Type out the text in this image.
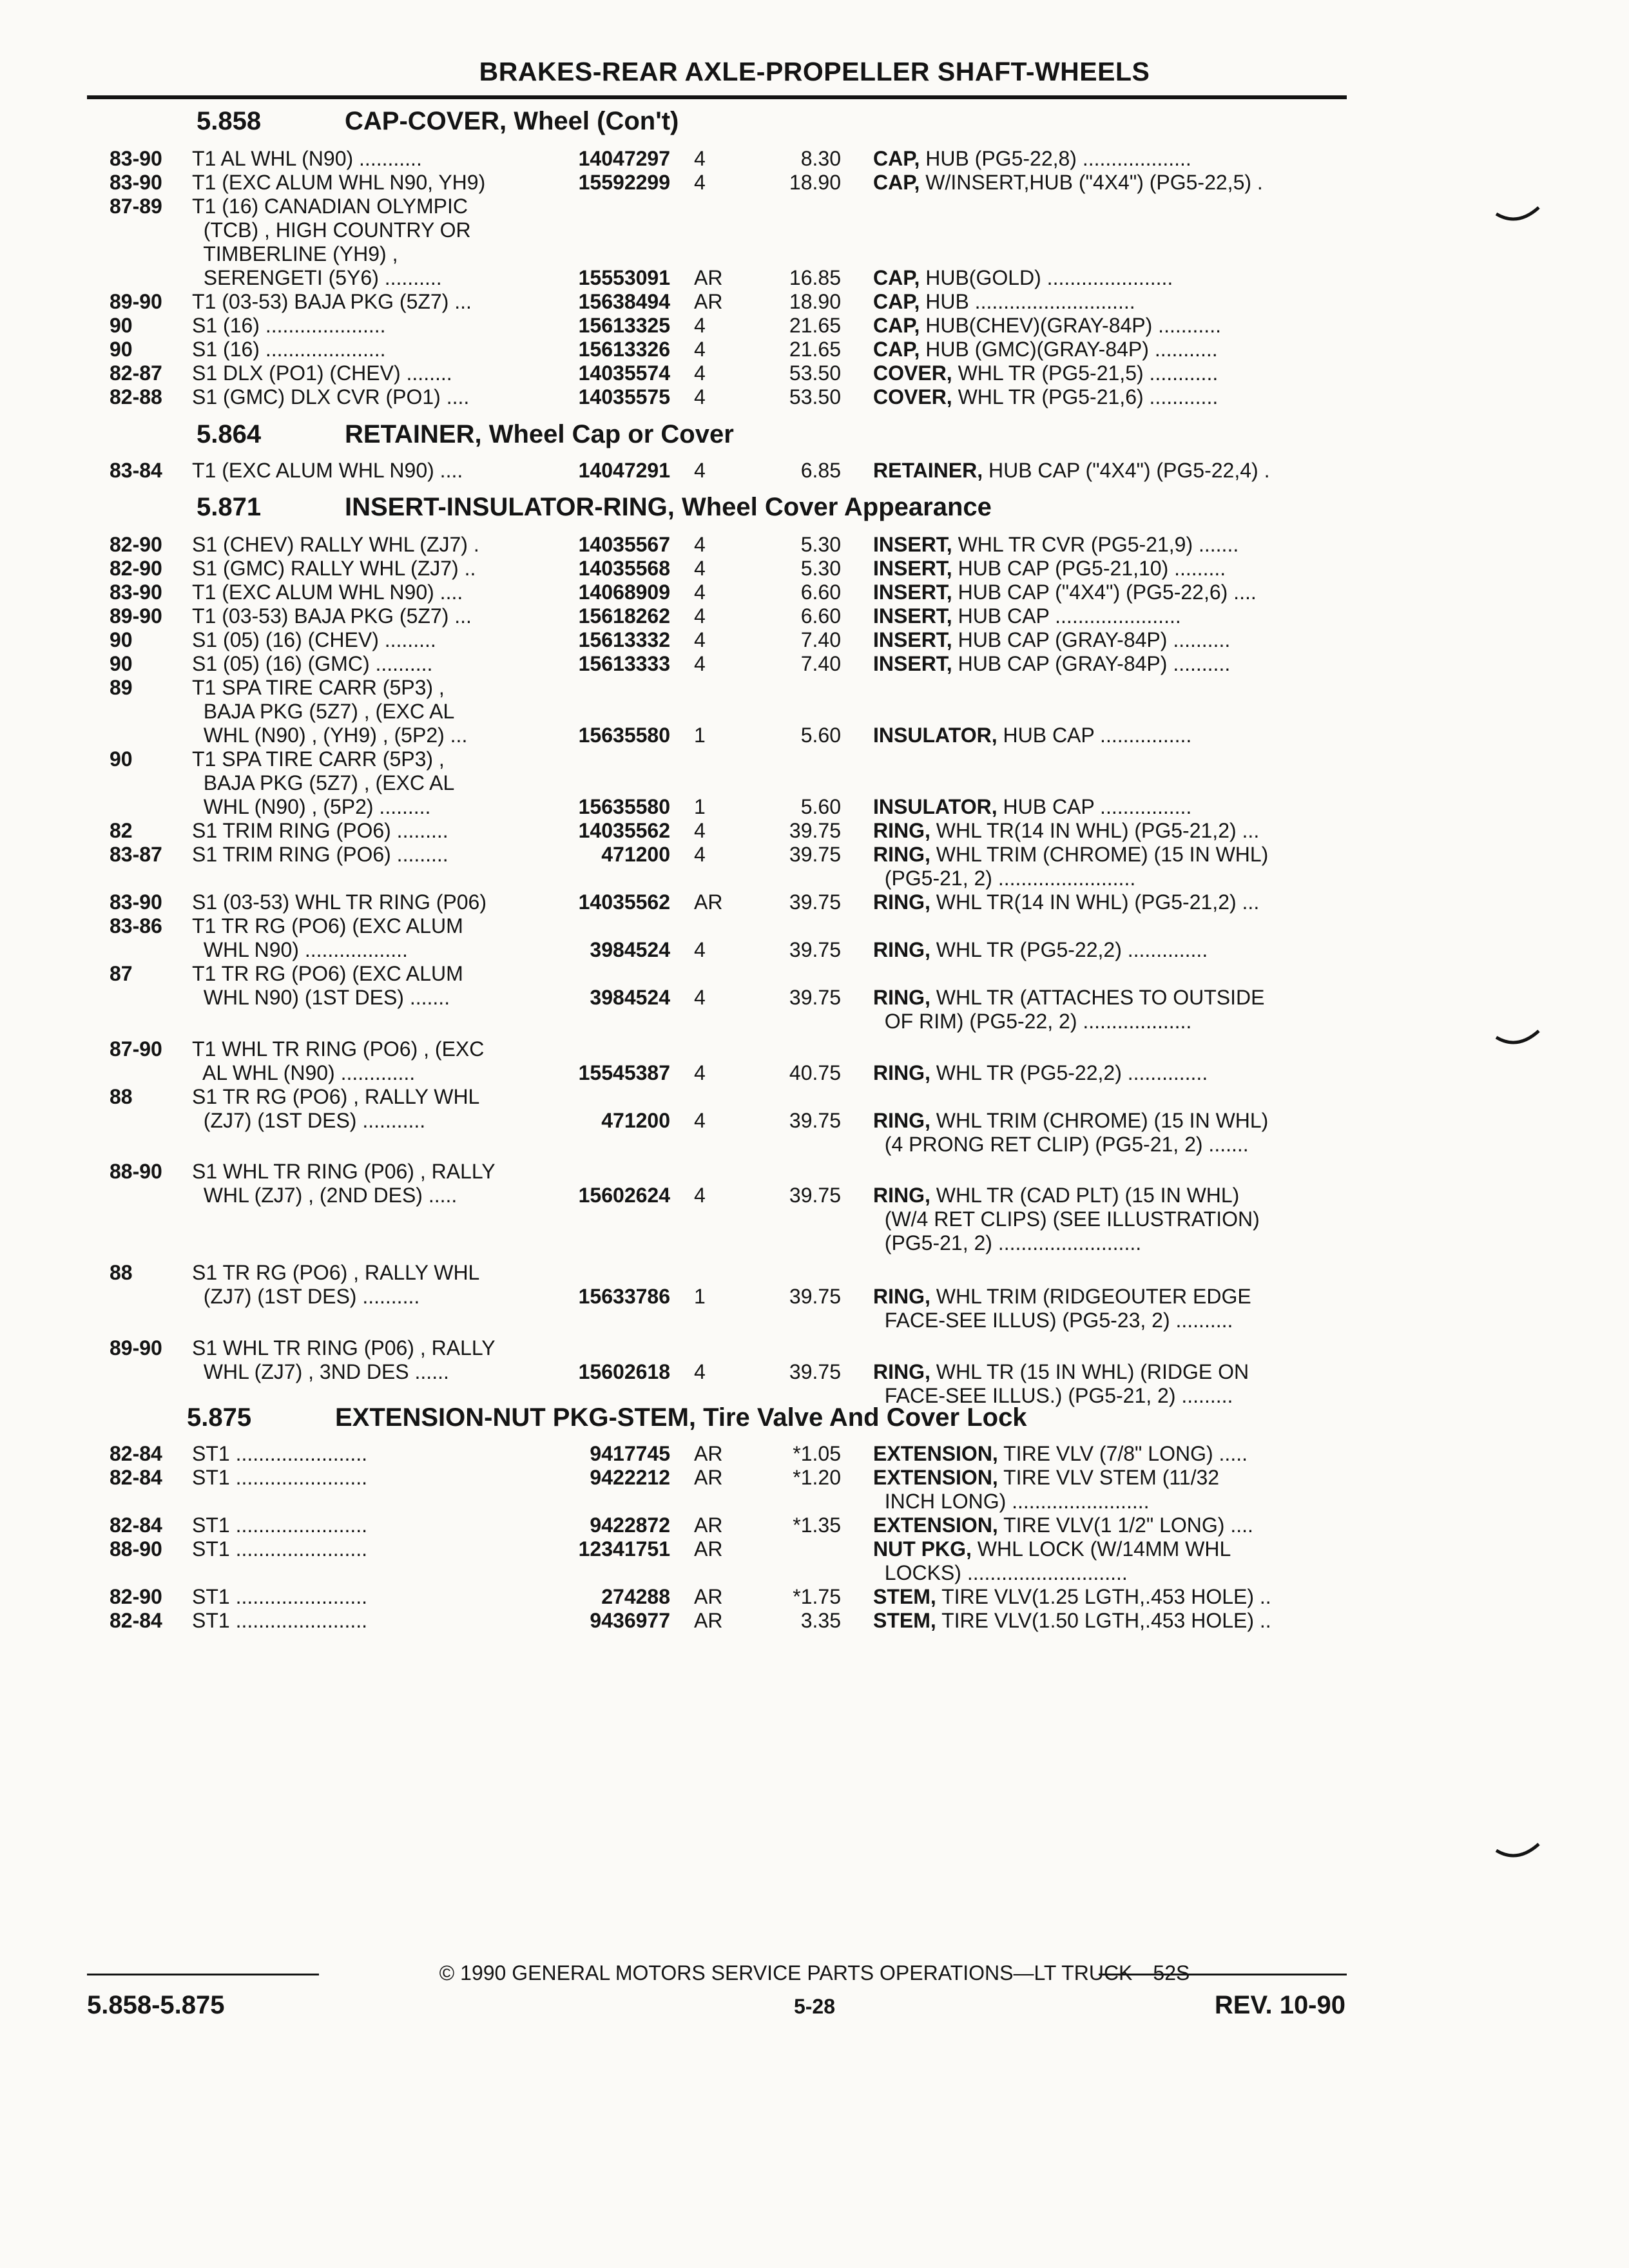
BRAKES-REAR AXLE-PROPELLER SHAFT-WHEELS
5.858	CAP-COVER, Wheel (Con't)
5.864	RETAINER, Wheel Cap or Cover
5.871	INSERT-INSULATOR-RING, Wheel Cover Appearance
5.875	EXTENSION-NUT PKG-STEM, Tire Valve And Cover Lock
83-90 T1 AL WHL (N90) ...........	14047297 4	8.30 CAP, HUB (PG5-22,8) ...................
83-90 T1 (EXC ALUM WHL N90, YH9)	15592299 4	18.90 CAP, W/INSERT,HUB ("4X4") (PG5-22,5) .
87-89 T1 (16) CANADIAN OLYMPIC
(TCB) , HIGH COUNTRY OR
TIMBERLINE (YH9) ,
SERENGETI (5Y6) ..........	15553091 AR	16.85 CAP, HUB(GOLD) ......................
89-90 T1 (03-53) BAJA PKG (5Z7) ...	15638494 AR	18.90 CAP, HUB ............................
90	S1 (16) .....................	15613325 4	21.65 CAP, HUB(CHEV)(GRAY-84P) ...........
90	S1 (16) .....................	15613326 4	21.65 CAP, HUB (GMC)(GRAY-84P) ...........
82-87 S1 DLX (PO1) (CHEV) ........	14035574 4	53.50 COVER, WHL TR (PG5-21,5) ............
82-88 S1 (GMC) DLX CVR (PO1) ....	14035575 4	53.50 COVER, WHL TR (PG5-21,6) ............
83-84 T1 (EXC ALUM WHL N90) ....	14047291 4	6.85 RETAINER, HUB CAP ("4X4") (PG5-22,4) .
82-90 S1 (CHEV) RALLY WHL (ZJ7) .	14035567 4	5.30 INSERT, WHL TR CVR (PG5-21,9) .......
82-90 S1 (GMC) RALLY WHL (ZJ7) ..	14035568 4	5.30 INSERT, HUB CAP (PG5-21,10) .........
83-90 T1 (EXC ALUM WHL N90) ....	14068909 4	6.60 INSERT, HUB CAP ("4X4") (PG5-22,6) ....
89-90 T1 (03-53) BAJA PKG (5Z7) ...	15618262 4	6.60 INSERT, HUB CAP ......................
90	S1 (05) (16) (CHEV) .........	15613332 4	7.40 INSERT, HUB CAP (GRAY-84P) ..........
90	S1 (05) (16) (GMC) ..........	15613333 4	7.40 INSERT, HUB CAP (GRAY-84P) ..........
89	T1 SPA TIRE CARR (5P3) ,
BAJA PKG (5Z7) , (EXC AL
WHL (N90) , (YH9) , (5P2) ...	15635580 1	5.60 INSULATOR, HUB CAP ................
90	T1 SPA TIRE CARR (5P3) ,
BAJA PKG (5Z7) , (EXC AL
WHL (N90) , (5P2) .........	15635580 1	5.60 INSULATOR, HUB CAP ................
82	S1 TRIM RING (PO6) .........	14035562 4	39.75 RING, WHL TR(14 IN WHL) (PG5-21,2) ...
83-87 S1 TRIM RING (PO6) .........	471200 4	39.75 RING, WHL TRIM (CHROME) (15 IN WHL)
(PG5-21, 2) ........................
83-90 S1 (03-53) WHL TR RING (P06)	14035562 AR	39.75 RING, WHL TR(14 IN WHL) (PG5-21,2) ...
83-86 T1 TR RG (PO6) (EXC ALUM
WHL N90) ..................	3984524 4	39.75 RING, WHL TR (PG5-22,2) ..............
87	T1 TR RG (PO6) (EXC ALUM
WHL N90) (1ST DES) .......	3984524 4	39.75 RING, WHL TR (ATTACHES TO OUTSIDE
OF RIM) (PG5-22, 2) ...................
87-90 T1 WHL TR RING (PO6) , (EXC
AL WHL (N90) .............	15545387 4	40.75 RING, WHL TR (PG5-22,2) ..............
88	S1 TR RG (PO6) , RALLY WHL
(ZJ7) (1ST DES) ...........	471200 4	39.75 RING, WHL TRIM (CHROME) (15 IN WHL)
(4 PRONG RET CLIP) (PG5-21, 2) .......
88-90 S1 WHL TR RING (P06) , RALLY
WHL (ZJ7) , (2ND DES) .....	15602624 4	39.75 RING, WHL TR (CAD PLT) (15 IN WHL)
(W/4 RET CLIPS) (SEE ILLUSTRATION)
(PG5-21, 2) .........................
88	S1 TR RG (PO6) , RALLY WHL
(ZJ7) (1ST DES) ..........	15633786 1	39.75 RING, WHL TRIM (RIDGEOUTER EDGE
FACE-SEE ILLUS) (PG5-23, 2) ..........
89-90 S1 WHL TR RING (P06) , RALLY
WHL (ZJ7) , 3ND DES ......	15602618 4	39.75 RING, WHL TR (15 IN WHL) (RIDGE ON
FACE-SEE ILLUS.) (PG5-21, 2) .........
82-84 ST1 .......................	9417745 AR	*1.05 EXTENSION, TIRE VLV (7/8" LONG) .....
82-84 ST1 .......................	9422212 AR	*1.20 EXTENSION, TIRE VLV STEM (11/32
INCH LONG) ........................
82-84 ST1 .......................	9422872 AR	*1.35 EXTENSION, TIRE VLV(1 1/2" LONG) ....
88-90 ST1 .......................	12341751 AR	NUT PKG, WHL LOCK (W/14MM WHL
LOCKS) ............................
82-90 ST1 .......................	274288 AR	*1.75 STEM, TIRE VLV(1.25 LGTH,.453 HOLE) ..
82-84 ST1 .......................	9436977 AR	3.35 STEM, TIRE VLV(1.50 LGTH,.453 HOLE) ..
© 1990 GENERAL MOTORS SERVICE PARTS OPERATIONS—LT TRUCK—52S
5.858-5.875	5-28	REV. 10-90
